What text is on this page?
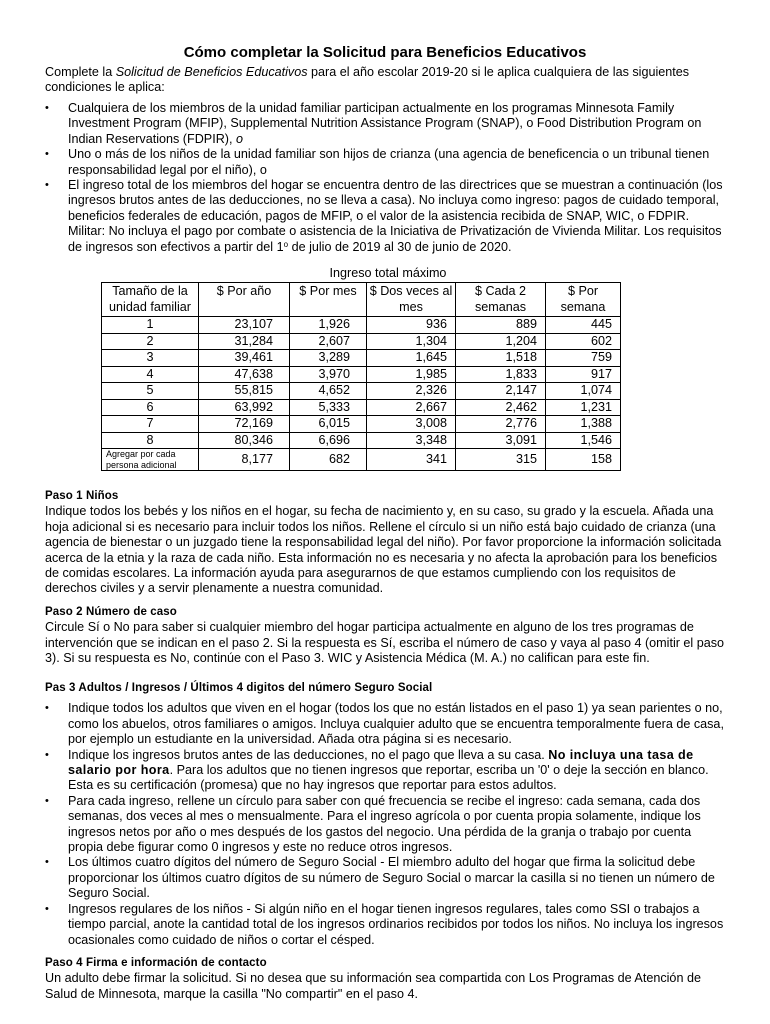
Cómo completar la Solicitud para Beneficios Educativos

Complete la Solicitud de Beneficios Educativos para el año escolar 2019-20 si le aplica cualquiera de las siguientes condiciones le aplica:

• Cualquiera de los miembros de la unidad familiar participan actualmente en los programas Minnesota Family Investment Program (MFIP), Supplemental Nutrition Assistance Program (SNAP), o Food Distribution Program on Indian Reservations (FDPIR), o
• Uno o más de los niños de la unidad familiar son hijos de crianza (una agencia de beneficencia o un tribunal tienen responsabilidad legal por el niño), o
• El ingreso total de los miembros del hogar se encuentra dentro de las directrices que se muestran a continuación (los ingresos brutos antes de las deducciones, no se lleva a casa). No incluya como ingreso: pagos de cuidado temporal, beneficios federales de educación, pagos de MFIP, o el valor de la asistencia recibida de SNAP, WIC, o FDPIR. Militar: No incluya el pago por combate o asistencia de la Iniciativa de Privatización de Vivienda Militar. Los requisitos de ingresos son efectivos a partir del 1$^o$ de julio de 2019 al 30 de junio de 2020.
Ingreso total máximo
Tamaño de la unidad familiar	$ Por año	$ Por mes	$ Dos veces al mes	$ Cada 2 semanas	$ Por semana
1	23,107	1,926	936	889	445
2	31,284	2,607	1,304	1,204	602
3	39,461	3,289	1,645	1,518	759
4	47,638	3,970	1,985	1,833	917
5	55,815	4,652	2,326	2,147	1,074
6	63,992	5,333	2,667	2,462	1,231
7	72,169	6,015	3,008	2,776	1,388
8	80,346	6,696	3,348	3,091	1,546
Agregar por cada persona adicional	8,177	682	341	315	158
Paso 1 Niños

Indique todos los bebés y los niños en el hogar, su fecha de nacimiento y, en su caso, su grado y la escuela. Añada una hoja adicional si es necesario para incluir todos los niños. Rellene el círculo si un niño está bajo cuidado de crianza (una agencia de bienestar o un juzgado tiene la responsabilidad legal del niño). Por favor proporcione la información solicitada acerca de la etnia y la raza de cada niño. Esta información no es necesaria y no afecta la aprobación para los beneficios de comidas escolares. La información ayuda para asegurarnos de que estamos cumpliendo con los requisitos de derechos civiles y a servir plenamente a nuestra comunidad.

Paso 2 Número de caso

Circule Sí o No para saber si cualquier miembro del hogar participa actualmente en alguno de los tres programas de intervención que se indican en el paso 2. Si la respuesta es Sí, escriba el número de caso y vaya al paso 4 (omitir el paso 3). Si su respuesta es No, continúe con el Paso 3. WIC y Asistencia Médica (M. A.) no califican para este fin.

Pas 3 Adultos / Ingresos / Últimos 4 digitos del número Seguro Social
• Indique todos los adultos que viven en el hogar (todos los que no están listados en el paso 1) ya sean parientes o no, como los abuelos, otros familiares o amigos. Incluya cualquier adulto que se encuentra temporalmente fuera de casa, por ejemplo un estudiante en la universidad. Añada otra página si es necesario.
• Indique los ingresos brutos antes de las deducciones, no el pago que lleva a su casa. No incluya una tasa de salario por hora. Para los adultos que no tienen ingresos que reportar, escriba un '0' o deje la sección en blanco. Esta es su certificación (promesa) que no hay ingresos que reportar para estos adultos.
• Para cada ingreso, rellene un círculo para saber con qué frecuencia se recibe el ingreso: cada semana, cada dos semanas, dos veces al mes o mensualmente. Para el ingreso agrícola o por cuenta propia solamente, indique los ingresos netos por año o mes después de los gastos del negocio. Una pérdida de la granja o trabajo por cuenta propia debe figurar como 0 ingresos y este no reduce otros ingresos.
• Los últimos cuatro dígitos del número de Seguro Social - El miembro adulto del hogar que firma la solicitud debe proporcionar los últimos cuatro dígitos de su número de Seguro Social o marcar la casilla si no tienen un número de Seguro Social.
• Ingresos regulares de los niños - Si algún niño en el hogar tienen ingresos regulares, tales como SSI o trabajos a tiempo parcial, anote la cantidad total de los ingresos ordinarios recibidos por todos los niños. No incluya los ingresos ocasionales como cuidado de niños o cortar el césped.
Paso 4 Firma e información de contacto

Un adulto debe firmar la solicitud. Si no desea que su información sea compartida con Los Programas de Atención de Salud de Minnesota, marque la casilla "No compartir" en el paso 4.
